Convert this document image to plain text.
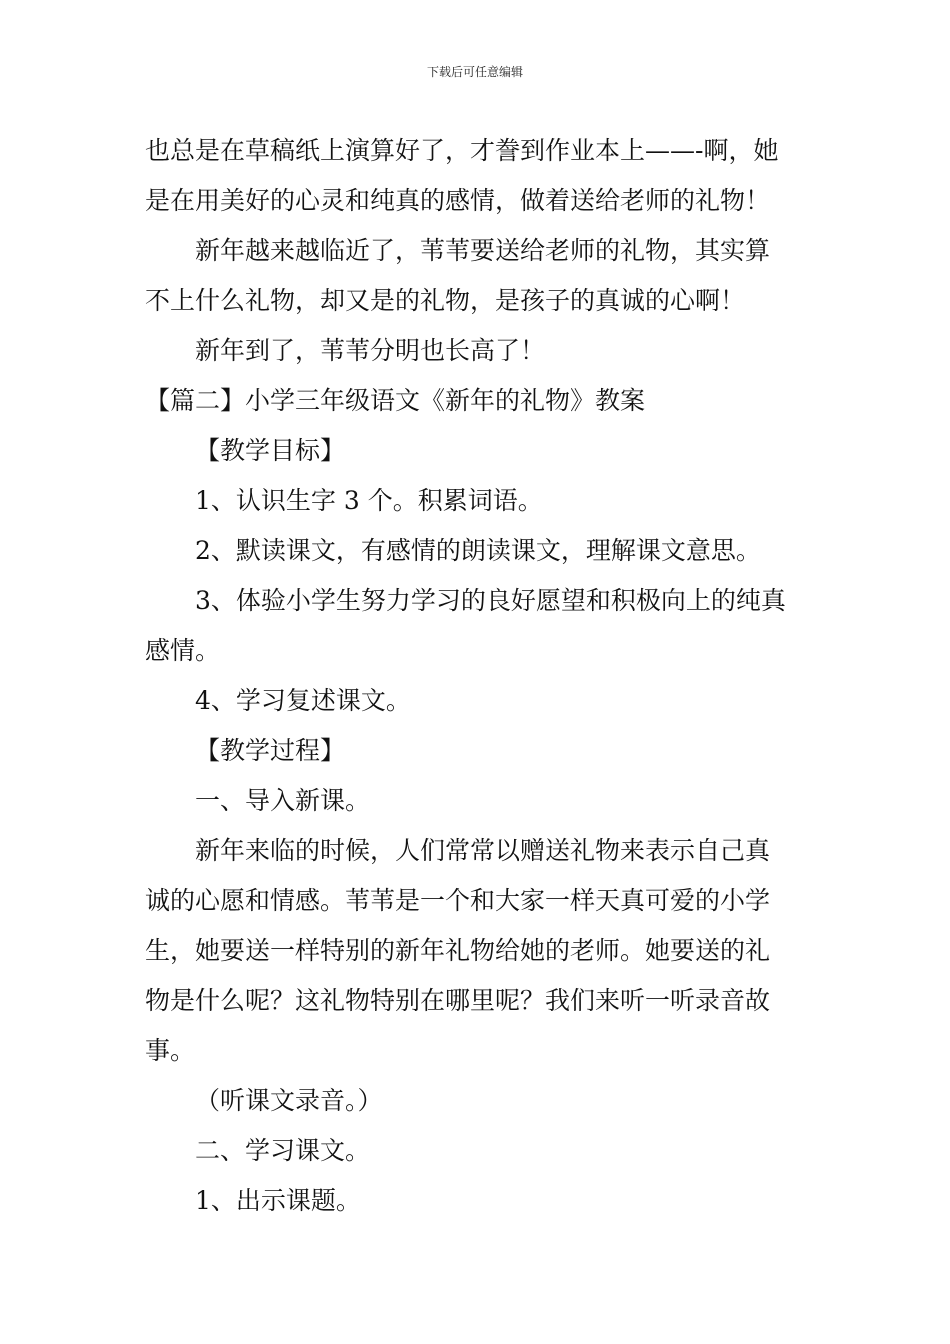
下载后可任意编辑
也总是在草稿纸上演算好了，才誊到作业本上——-啊，她
是在用美好的心灵和纯真的感情，做着送给老师的礼物！
新年越来越临近了，苇苇要送给老师的礼物，其实算
不上什么礼物，却又是的礼物，是孩子的真诚的心啊！
新年到了，苇苇分明也长高了！
【篇二】小学三年级语文《新年的礼物》教案
【教学目标】
1、认识生字 3 个。积累词语。
2、默读课文，有感情的朗读课文，理解课文意思。
3、体验小学生努力学习的良好愿望和积极向上的纯真
感情。
4、学习复述课文。
【教学过程】
一、导入新课。
新年来临的时候，人们常常以赠送礼物来表示自己真
诚的心愿和情感。苇苇是一个和大家一样天真可爱的小学
生，她要送一样特别的新年礼物给她的老师。她要送的礼
物是什么呢？这礼物特别在哪里呢？我们来听一听录音故
事。
（听课文录音。）
二、学习课文。
1、出示课题。
